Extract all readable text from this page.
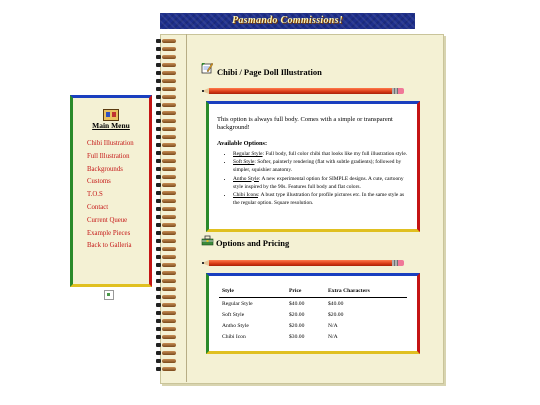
Pasmando Commissions!
Main Menu
Chibi Illustration
Full Illustration
Backgrounds
Customs
T.O.S
Contact
Current Queue
Example Pieces
Back to Galleria
Chibi / Page Doll Illustration
This option is always full body. Comes with a simple or transparent background!
Available Options:
• Regular Style: Full body, full color chibi that looks like my full illustration style.
• Soft Style: Softer, painterly rendering (flat with subtle gradients); followed by simpler, squishier anatomy.
• Antho Style: A new experimental option for SIMPLE designs. A cute, cartoony style inspired by the 90s. Features full body and flat colors.
• Chibi Icons: A bust type illustration for profile pictures etc. In the same style as the regular option. Square resolution.
Options and Pricing
Style	Price	Extra Characters
Regular Style	$40.00	$40.00
Soft Style	$20.00	$20.00
Antho Style	$20.00	N/A
Chibi Icon	$30.00	N/A
